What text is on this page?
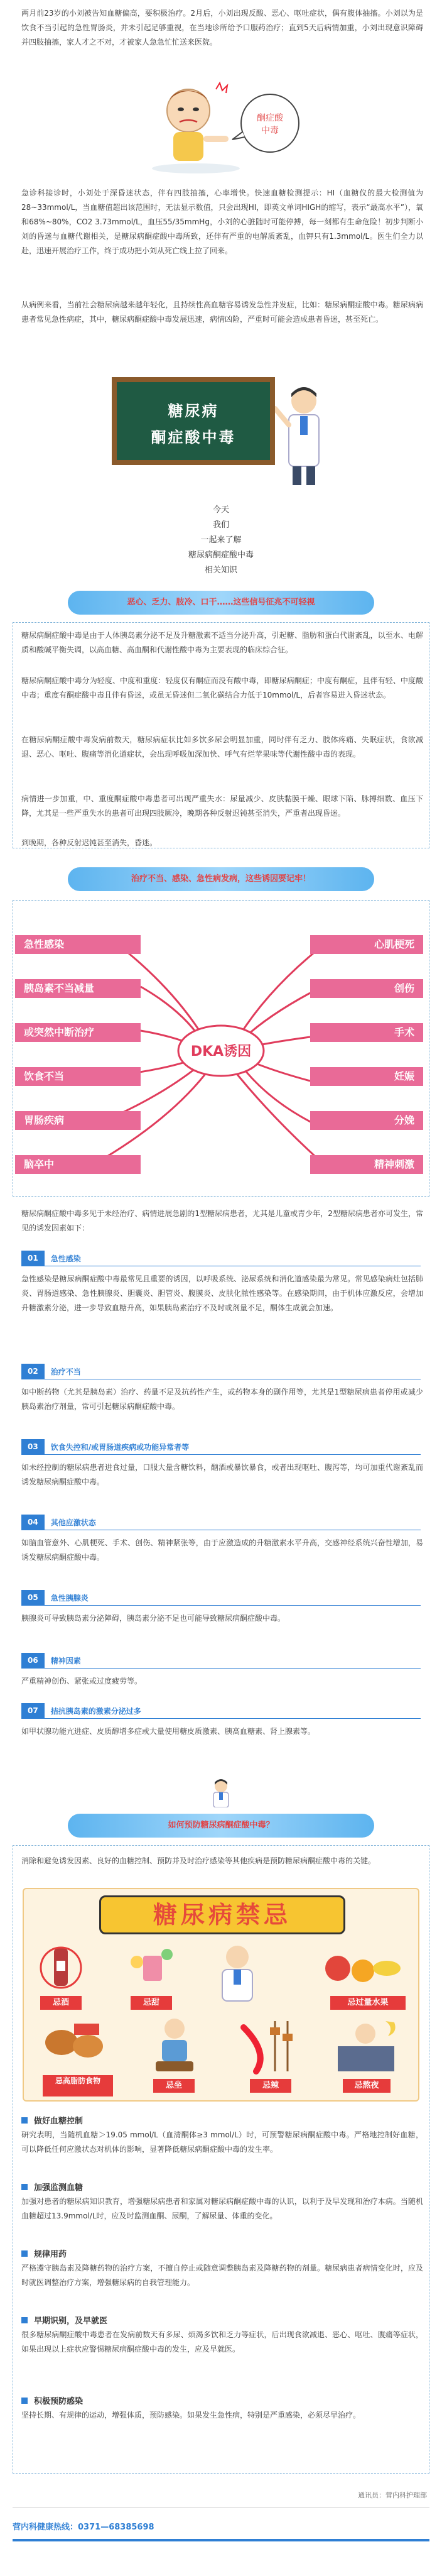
两月前23岁的小刘被告知血糖偏高，要积极治疗。2月后，小刘出现反酸、恶心、呕吐症状，偶有腹体抽搐。小刘以为是饮食不当引起的急性胃肠炎，并未引起足够重视，在当地诊所给予口服药治疗；直到5天后病情加重，小刘出现意识障碍并四肢抽搐，家人才之不对，才被家人急急忙忙送来医院。
酮症酸
中毒
急诊科接诊时，小刘处于深昏迷状态，伴有四肢抽搐，心率增快。快速血糖检测提示：HI（血糖仪的最大检测值为28~33mmol/L，当血糖值超出该范围时，无法显示数值，只会出现HI，即英文单词HIGH的缩写，表示“最高水平”），氧和68%~80%，CO2 3.73mmol/L，血压55/35mmHg，小刘的心脏随时可能停搏，每一刻都有生命危险！初步判断小刘的昏迷与血糖代谢相关，是糖尿病酮症酸中毒所致，还伴有严重的电解质紊乱，血钾只有1.3mmol/L。医生们全力以赴，迅速开展治疗工作，终于成功把小刘从死亡线上拉了回来。
从病例来看，当前社会糖尿病越来越年轻化，且持续性高血糖容易诱发急性并发症，比如：糖尿病酮症酸中毒。糖尿病病患者常见急性病症，其中，糖尿病酮症酸中毒发展迅速，病情凶险，严重时可能会造成患者昏迷，甚至死亡。
糖尿病
酮症酸中毒
今天
我们
一起来了解
糖尿病酮症酸中毒
相关知识
恶心、乏力、肢冷、口干……这些信号征兆不可轻视
糖尿病酮症酸中毒是由于人体胰岛素分泌不足及升糖激素不适当分泌升高，引起糖、脂肪和蛋白代谢紊乱，以至水、电解质和酸碱平衡失调，以高血糖、高血酮和代谢性酸中毒为主要表现的临床综合征。
糖尿病酮症酸中毒分为轻度、中度和重度：轻度仅有酮症而没有酸中毒，即糖尿病酮症；中度有酮症，且伴有轻、中度酸中毒；重度有酮症酸中毒且伴有昏迷，或虽无昏迷但二氧化碳结合力低于10mmol/L，后者容易进入昏迷状态。
在糖尿病酮症酸中毒发病前数天，糖尿病症状比如多饮多尿会明显加重，同时伴有乏力、肢体疼痛、失眠症状，食欲减退、恶心、呕吐、腹痛等消化道症状，会出现呼吸加深加快、呼气有烂苹果味等代谢性酸中毒的表现。
病情进一步加重，中、重度酮症酸中毒患者可出现严重失水：尿量减少、皮肤黏膜干燥、眼球下陷、脉搏细数、血压下降，尤其是一些严重失水的患者可出现四肢厥冷，晚期各种反射迟钝甚至消失，严重者出现昏迷。
到晚期，各种反射迟钝甚至消失，昏迷。
治疗不当、感染、急性病发病，这些诱因要记牢！
DKA诱因
急性感染
胰岛素不当减量
或突然中断治疗
饮食不当
胃肠疾病
脑卒中
心肌梗死
创伤
手术
妊娠
分娩
精神刺激
糖尿病酮症酸中毒多见于未经治疗、病情进展急剧的1型糖尿病患者，尤其是儿童或青少年，2型糖尿病患者亦可发生，常见的诱发因素如下：
01	急性感染
急性感染是糖尿病酮症酸中毒最常见且重要的诱因，以呼吸系统、泌尿系统和消化道感染最为常见。常见感染病灶包括肺炎、胃肠道感染、急性胰腺炎、胆囊炎、胆管炎、腹膜炎、皮肤化脓性感染等。在感染期间，由于机体应激反应，会增加升糖激素分泌，进一步导致血糖升高，如果胰岛素治疗不及时或剂量不足，酮体生成就会加速。
02	治疗不当
如中断药物（尤其是胰岛素）治疗、药量不足及抗药性产生，或药物本身的副作用等，尤其是1型糖尿病患者停用或减少胰岛素治疗剂量，常可引起糖尿病酮症酸中毒。
03	饮食失控和/或胃肠道疾病或功能异常者等
如未经控制的糖尿病患者进食过量，口服大量含糖饮料，酗酒或暴饮暴食，或者出现呕吐、腹泻等，均可加重代谢紊乱而诱发糖尿病酮症酸中毒。
04	其他应激状态
如脑血管意外、心肌梗死、手术、创伤、精神紧张等，由于应激造成的升糖激素水平升高，交感神经系统兴奋性增加，易诱发糖尿病酮症酸中毒。
05	急性胰腺炎
胰腺炎可导致胰岛素分泌障碍，胰岛素分泌不足也可能导致糖尿病酮症酸中毒。
06	精神因素
严重精神创伤、紧张或过度疲劳等。
07	拮抗胰岛素的激素分泌过多
如甲状腺功能亢进症、皮质醇增多症或大量使用糖皮质激素、胰高血糖素、肾上腺素等。
如何预防糖尿病酮症酸中毒？
消除和避免诱发因素、良好的血糖控制、预防并及时治疗感染等其他疾病是预防糖尿病酮症酸中毒的关键。
糖尿病禁忌
忌酒	忌甜	忌过量水果
忌高脂肪食物	忌坐	忌辣	忌熬夜
做好血糖控制
研究表明，当随机血糖＞19.05 mmol/L（血清酮体≥3 mmol/L）时，可预警糖尿病酮症酸中毒。严格地控制好血糖，可以降低任何应激状态对机体的影响，显著降低糖尿病酮症酸中毒的发生率。
加强监测血糖
加强对患者的糖尿病知识教育，增强糖尿病患者和家属对糖尿病酮症酸中毒的认识，以利于及早发现和治疗本病。当随机血糖超过13.9mmol/L时，应及时监测血酮、尿酮，了解尿量、体重的变化。
规律用药
严格遵守胰岛素及降糖药物的治疗方案，不擅自停止或随意调整胰岛素及降糖药物的剂量。糖尿病患者病情变化时，应及时就医调整治疗方案，增强糖尿病的自我管理能力。
早期识别，及早就医
很多糖尿病酮症酸中毒患者在发病前数天有多尿、烦渴多饮和乏力等症状，后出现食欲减退、恶心、呕吐、腹痛等症状，如果出现以上症状应警惕糖尿病酮症酸中毒的发生，应及早就医。
积极预防感染
坚持长期、有规律的运动，增强体质，预防感染。如果发生急性病，特别是严重感染，必须尽早治疗。
通讯员：营内科护理部
营内科健康热线：0371—68385698
